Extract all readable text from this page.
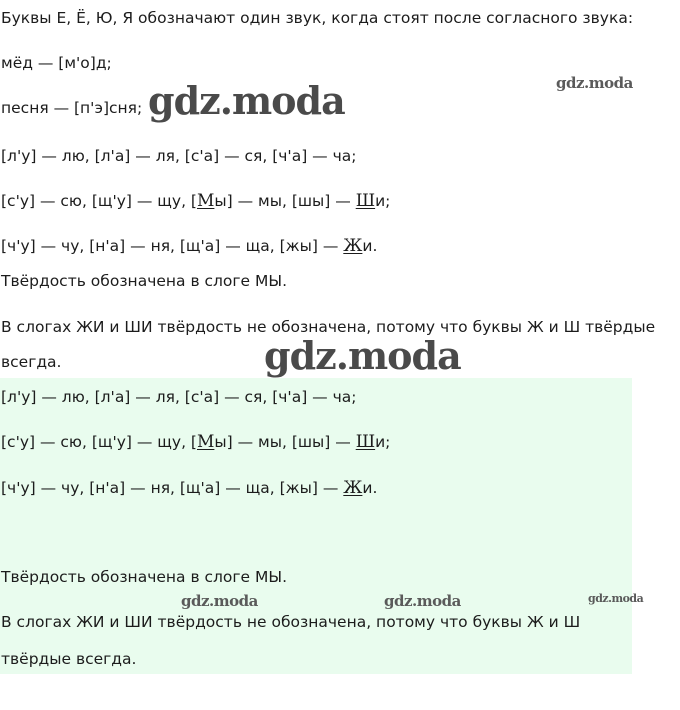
Буквы Е, Ё, Ю, Я обозначают один звук, когда стоят после согласного звука:
мёд — [м'о]д;
песня — [п'э]сня;
[л'у] — лю, [л'а] — ля, [с'а] — ся, [ч'а] — ча;
[с'у] — сю, [щ'у] — щу, [Мы] — мы, [шы] — Ши;
[ч'у] — чу, [н'а] — ня, [щ'а] — ща, [жы] — Жи.
Твёрдость обозначена в слоге МЫ.
В слогах ЖИ и ШИ твёрдость не обозначена, потому что буквы Ж и Ш твёрдые
всегда.
[л'у] — лю, [л'а] — ля, [с'а] — ся, [ч'а] — ча;
[с'у] — сю, [щ'у] — щу, [Мы] — мы, [шы] — Ши;
[ч'у] — чу, [н'а] — ня, [щ'а] — ща, [жы] — Жи.
Твёрдость обозначена в слоге МЫ.
В слогах ЖИ и ШИ твёрдость не обозначена, потому что буквы Ж и Ш
твёрдые всегда.
gdz.moda
gdz.moda
gdz.moda
gdz.moda	gdz.moda	gdz.moda
